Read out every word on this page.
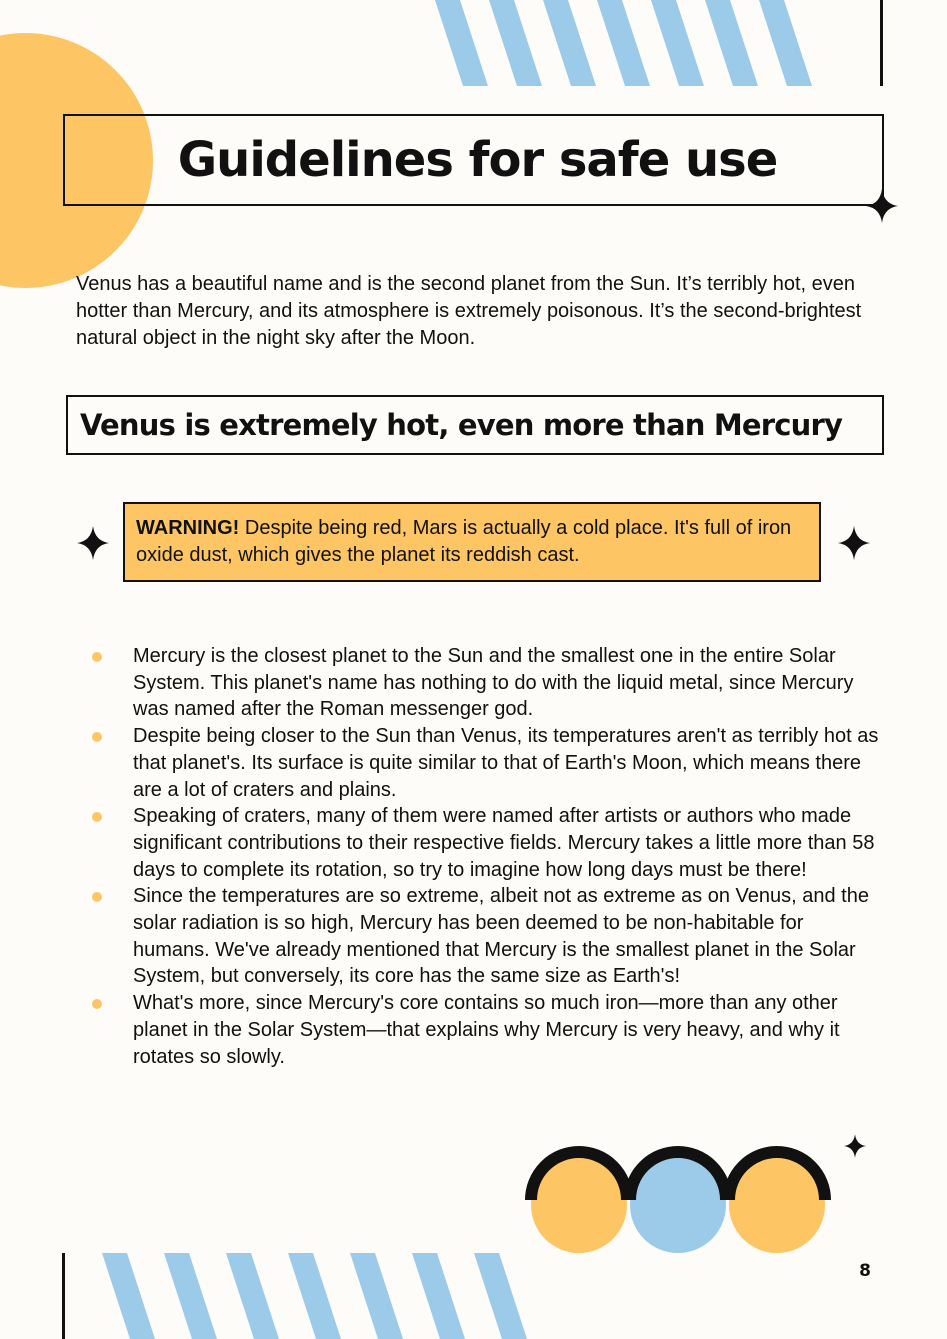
Guidelines for safe use

Venus has a beautiful name and is the second planet from the Sun. It’s terribly hot, even hotter than Mercury, and its atmosphere is extremely poisonous. It’s the second-brightest natural object in the night sky after the Moon.

Venus is extremely hot, even more than Mercury
WARNING! Despite being red, Mars is actually a cold place. It's full of iron oxide dust, which gives the planet its reddish cast.
Mercury is the closest planet to the Sun and the smallest one in the entire Solar System. This planet's name has nothing to do with the liquid metal, since Mercury was named after the Roman messenger god.
Despite being closer to the Sun than Venus, its temperatures aren't as terribly hot as that planet's. Its surface is quite similar to that of Earth's Moon, which means there are a lot of craters and plains.
Speaking of craters, many of them were named after artists or authors who made significant contributions to their respective fields. Mercury takes a little more than 58 days to complete its rotation, so try to imagine how long days must be there!
Since the temperatures are so extreme, albeit not as extreme as on Venus, and the solar radiation is so high, Mercury has been deemed to be non-habitable for humans. We've already mentioned that Mercury is the smallest planet in the Solar System, but conversely, its core has the same size as Earth's!
What's more, since Mercury's core contains so much iron—more than any other planet in the Solar System—that explains why Mercury is very heavy, and why it rotates so slowly.
8
